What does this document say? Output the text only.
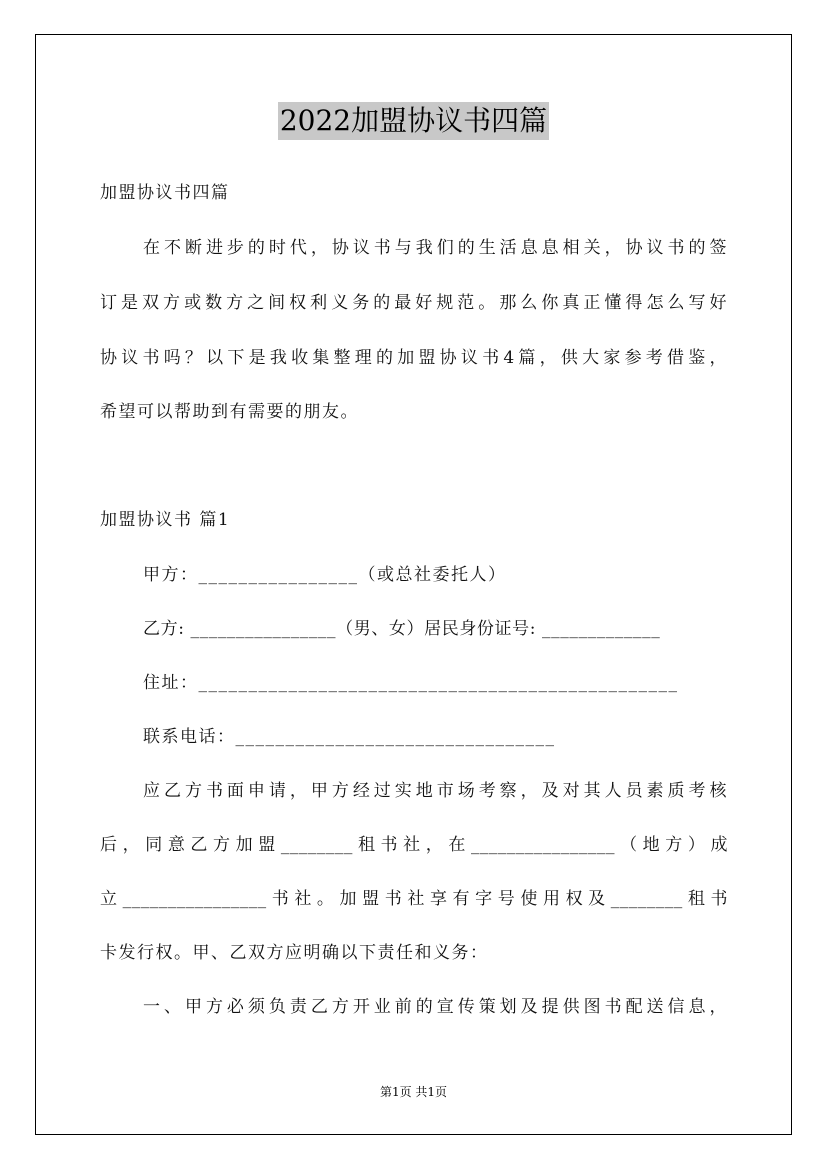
2022加盟协议书四篇
加盟协议书四篇
在不断进步的时代，协议书与我们的生活息息相关，协议书的签
订是双方或数方之间权利义务的最好规范。那么你真正懂得怎么写好
协议书吗？以下是我收集整理的加盟协议书4篇，供大家参考借鉴，
希望可以帮助到有需要的朋友。
加盟协议书 篇1
甲方：________________（或总社委托人）
乙方: ________________（男、女）居民身份证号: _____________
住址：________________________________________________
联系电话：________________________________
应乙方书面申请，甲方经过实地市场考察，及对其人员素质考核
后，同意乙方加盟________租书社，在________________（地方）成
立________________书社。加盟书社享有字号使用权及________租书
卡发行权。甲、乙双方应明确以下责任和义务：
一、甲方必须负责乙方开业前的宣传策划及提供图书配送信息，
第1页 共1页
